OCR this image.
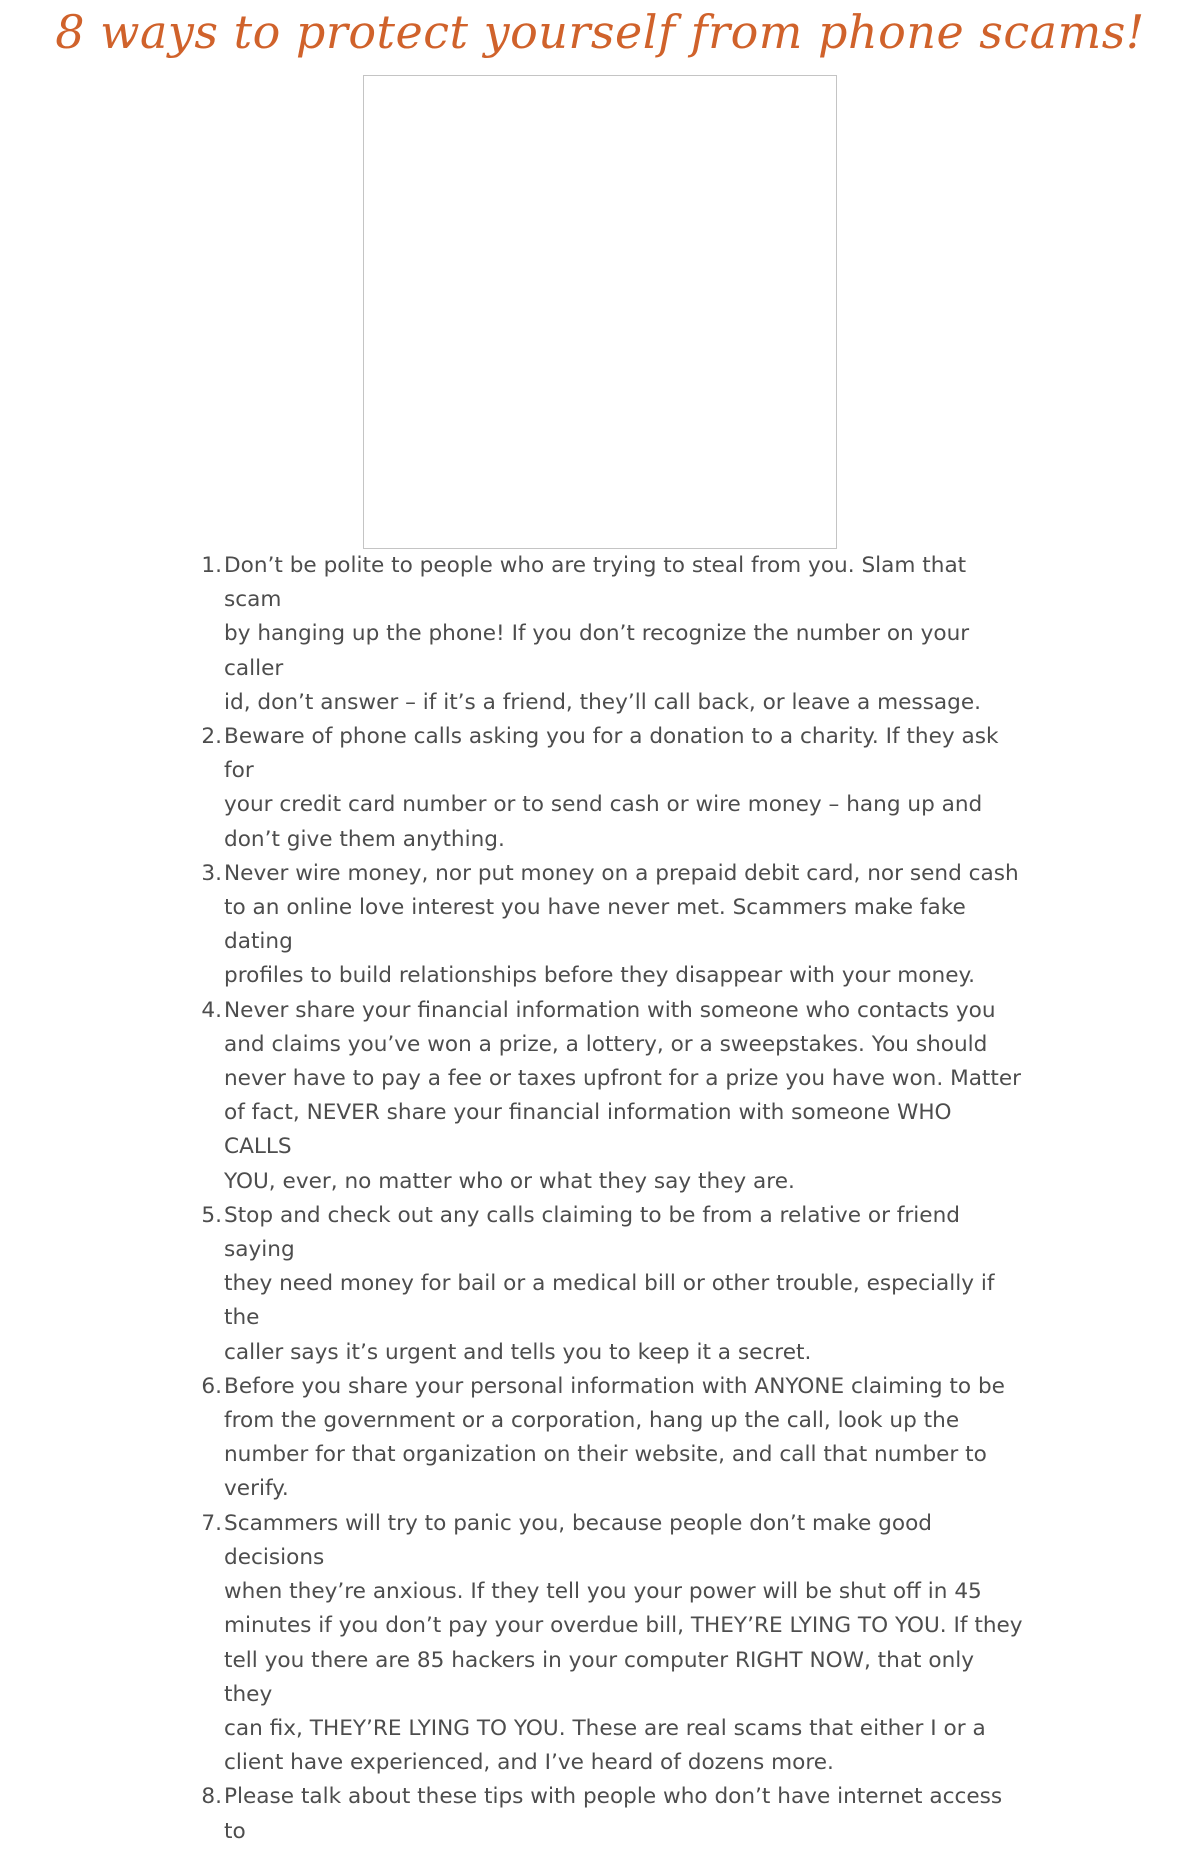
8 ways to protect yourself from phone scams!
1. Don’t be polite to people who are trying to steal from you. Slam that scam
by hanging up the phone! If you don’t recognize the number on your caller
id, don’t answer – if it’s a friend, they’ll call back, or leave a message.
2. Beware of phone calls asking you for a donation to a charity. If they ask for
your credit card number or to send cash or wire money – hang up and
don’t give them anything.
3. Never wire money, nor put money on a prepaid debit card, nor send cash
to an online love interest you have never met. Scammers make fake dating
profiles to build relationships before they disappear with your money.
4. Never share your financial information with someone who contacts you
and claims you’ve won a prize, a lottery, or a sweepstakes. You should
never have to pay a fee or taxes upfront for a prize you have won. Matter
of fact, NEVER share your financial information with someone WHO CALLS
YOU, ever, no matter who or what they say they are.
5. Stop and check out any calls claiming to be from a relative or friend saying
they need money for bail or a medical bill or other trouble, especially if the
caller says it’s urgent and tells you to keep it a secret.
6. Before you share your personal information with ANYONE claiming to be
from the government or a corporation, hang up the call, look up the
number for that organization on their website, and call that number to
verify.
7. Scammers will try to panic you, because people don’t make good decisions
when they’re anxious. If they tell you your power will be shut off in 45
minutes if you don’t pay your overdue bill, THEY’RE LYING TO YOU. If they
tell you there are 85 hackers in your computer RIGHT NOW, that only they
can fix, THEY’RE LYING TO YOU. These are real scams that either I or a
client have experienced, and I’ve heard of dozens more.
8. Please talk about these tips with people who don’t have internet access to
